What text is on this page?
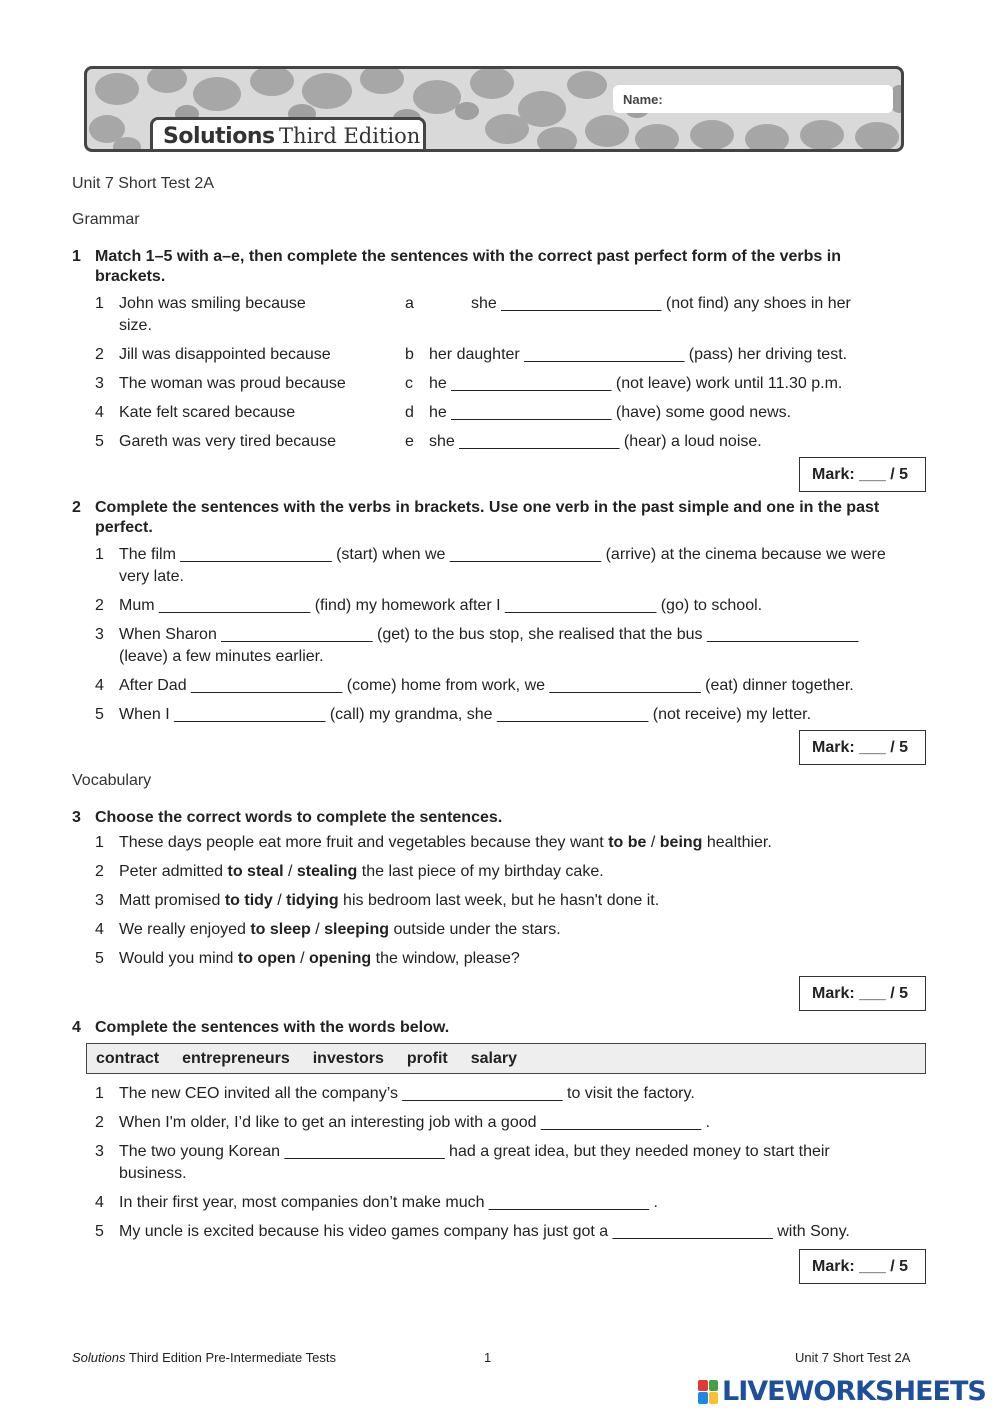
Name:
Solutions Third Edition
Unit 7 Short Test 2A
Grammar
1 Match 1–5 with a–e, then complete the sentences with the correct past perfect form of the verbs in brackets.
1 John was smiling because	a	she __________________ (not find) any shoes in her
size.
2 Jill was disappointed because	b her daughter __________________ (pass) her driving test.
3 The woman was proud because	c	he __________________ (not leave) work until 11.30 p.m.
4 Kate felt scared because	d he __________________ (have) some good news.
5 Gareth was very tired because	e she __________________ (hear) a loud noise.
Mark: ___ / 5
2 Complete the sentences with the verbs in brackets. Use one verb in the past simple and one in the past perfect.
1 The film _________________ (start) when we _________________ (arrive) at the cinema because we were very late.
2 Mum _________________ (find) my homework after I _________________ (go) to school.
3 When Sharon _________________ (get) to the bus stop, she realised that the bus _________________ (leave) a few minutes earlier.
4 After Dad _________________ (come) home from work, we _________________ (eat) dinner together.
5 When I _________________ (call) my grandma, she _________________ (not receive) my letter.
Mark: ___ / 5
Vocabulary
3 Choose the correct words to complete the sentences.
1 These days people eat more fruit and vegetables because they want to be / being healthier.
2 Peter admitted to steal / stealing the last piece of my birthday cake.
3 Matt promised to tidy / tidying his bedroom last week, but he hasn't done it.
4 We really enjoyed to sleep / sleeping outside under the stars.
5 Would you mind to open / opening the window, please?
Mark: ___ / 5
4 Complete the sentences with the words below.
contract entrepreneurs investors profit salary
1 The new CEO invited all the company’s __________________ to visit the factory.
2 When I'm older, I’d like to get an interesting job with a good __________________ .
3 The two young Korean __________________ had a great idea, but they needed money to start their business.
4 In their first year, most companies don’t make much __________________ .
5 My uncle is excited because his video games company has just got a __________________ with Sony.
Mark: ___ / 5
Solutions Third Edition Pre-Intermediate Tests	1	Unit 7 Short Test 2A
LIVEWORKSHEETS
